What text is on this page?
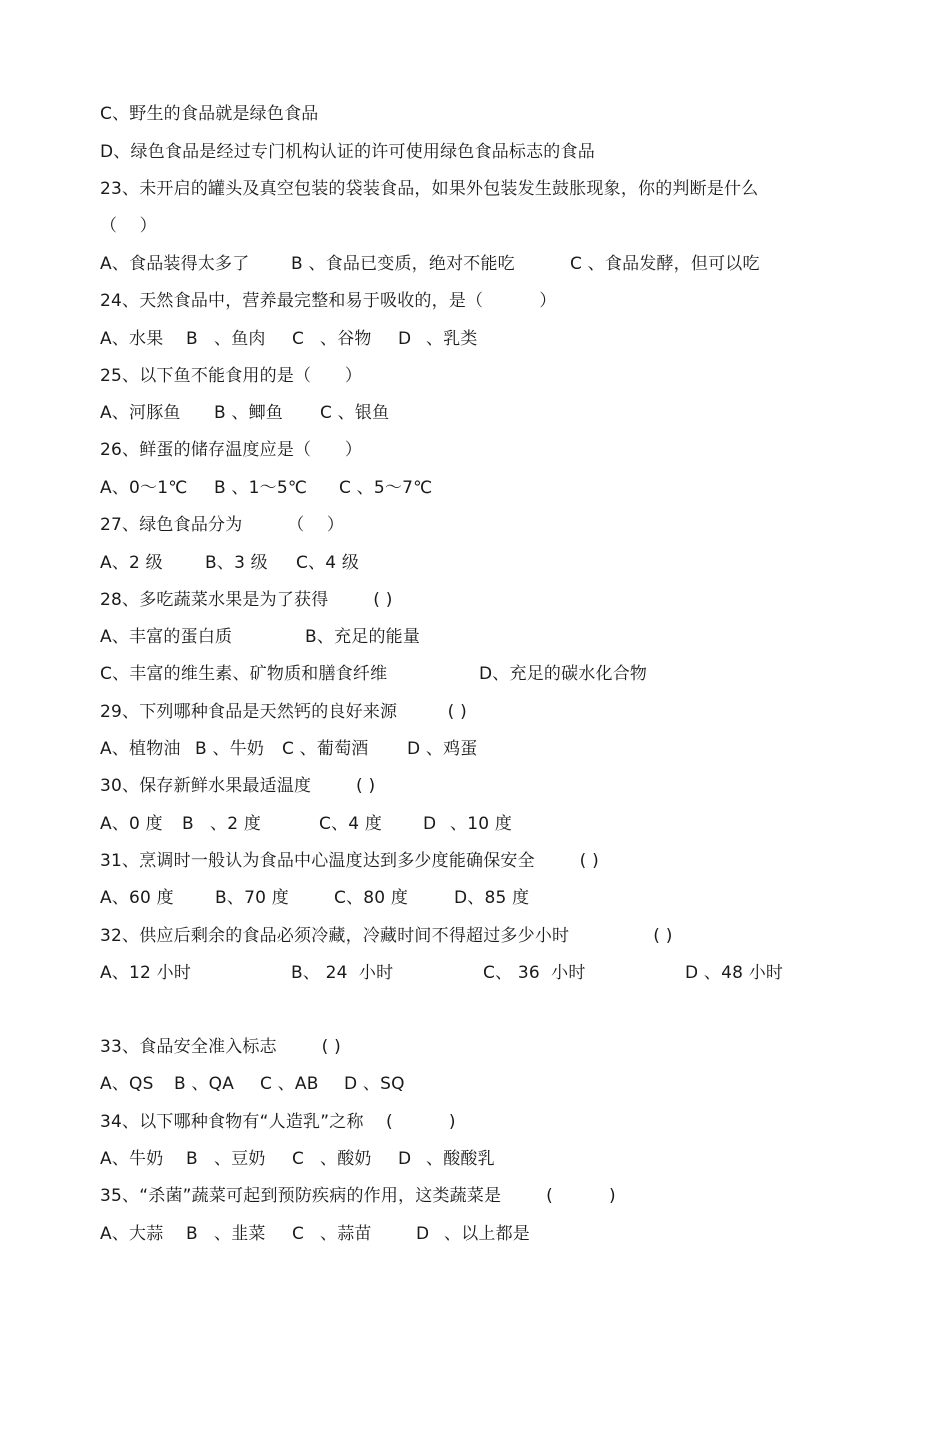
C、野生的食品就是绿色食品
D、绿色食品是经过专门机构认证的许可使用绿色食品标志的食品
23、未开启的罐头及真空包装的袋装食品，如果外包装发生鼓胀现象，你的判断是什么
（    ）

A、食品装得太多了

B 、食品已变质，绝对不能吃

	C 、食品发酵，但可以吃

24、天然食品中，营养最完整和易于吸收的，是（          ）

A、水果

B

、鱼肉

C

、谷物

D

、乳类

25、以下鱼不能食用的是（      ）

A、河豚鱼

B 、鲫鱼

C 、银鱼

26、鲜蛋的储存温度应是（      ）

A、0～1℃

B 、1～5℃

C 、5～7℃

27、绿色食品分为        （    ）

A、2 级

B、3 级

C、4 级

28、多吃蔬菜水果是为了获得        ( )

A、丰富的蛋白质

	B、充足的能量

C、丰富的维生素、矿物质和膳食纤维

	D、充足的碳水化合物

29、下列哪种食品是天然钙的良好来源         ( )

A、植物油

B 、牛奶

C 、葡萄酒

D 、鸡蛋

30、保存新鲜水果最适温度        ( )

A、0 度

B

、2 度

	C、4 度

D

、10 度

31、烹调时一般认为食品中心温度达到多少度能确保安全        ( )

A、60 度

B、70 度

	C、80 度

	D、85 度

32、供应后剩余的食品必须冷藏，冷藏时间不得超过多少小时               ( )

A、12 小时

	B、 24  小时

	C、 36  小时

	D 、48 小时

33、食品安全准入标志        ( )

A、QS

B 、QA

C 、AB

D 、SQ

34、以下哪种食物有“人造乳”之称    (          )

A、牛奶

B

、豆奶

C

、酸奶

D

、酸酸乳

35、“杀菌”蔬菜可起到预防疾病的作用，这类蔬菜是        (          )

A、大蒜

B

、韭菜

C

、蒜苗

	D

、以上都是
